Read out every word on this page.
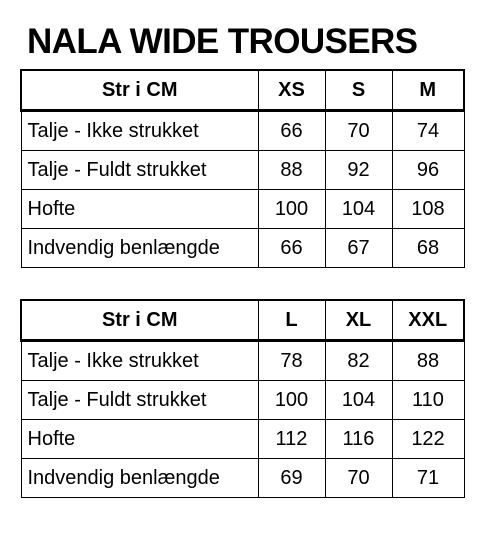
NALA WIDE TROUSERS
Str i CM	XS	S	M
Talje - Ikke strukket	66	70	74
Talje - Fuldt strukket	88	92	96
Hofte	100	104	108
Indvendig benlængde	66	67	68
Str i CM	L	XL	XXL
Talje - Ikke strukket	78	82	88
Talje - Fuldt strukket	100	104	110
Hofte	112	116	122
Indvendig benlængde	69	70	71
